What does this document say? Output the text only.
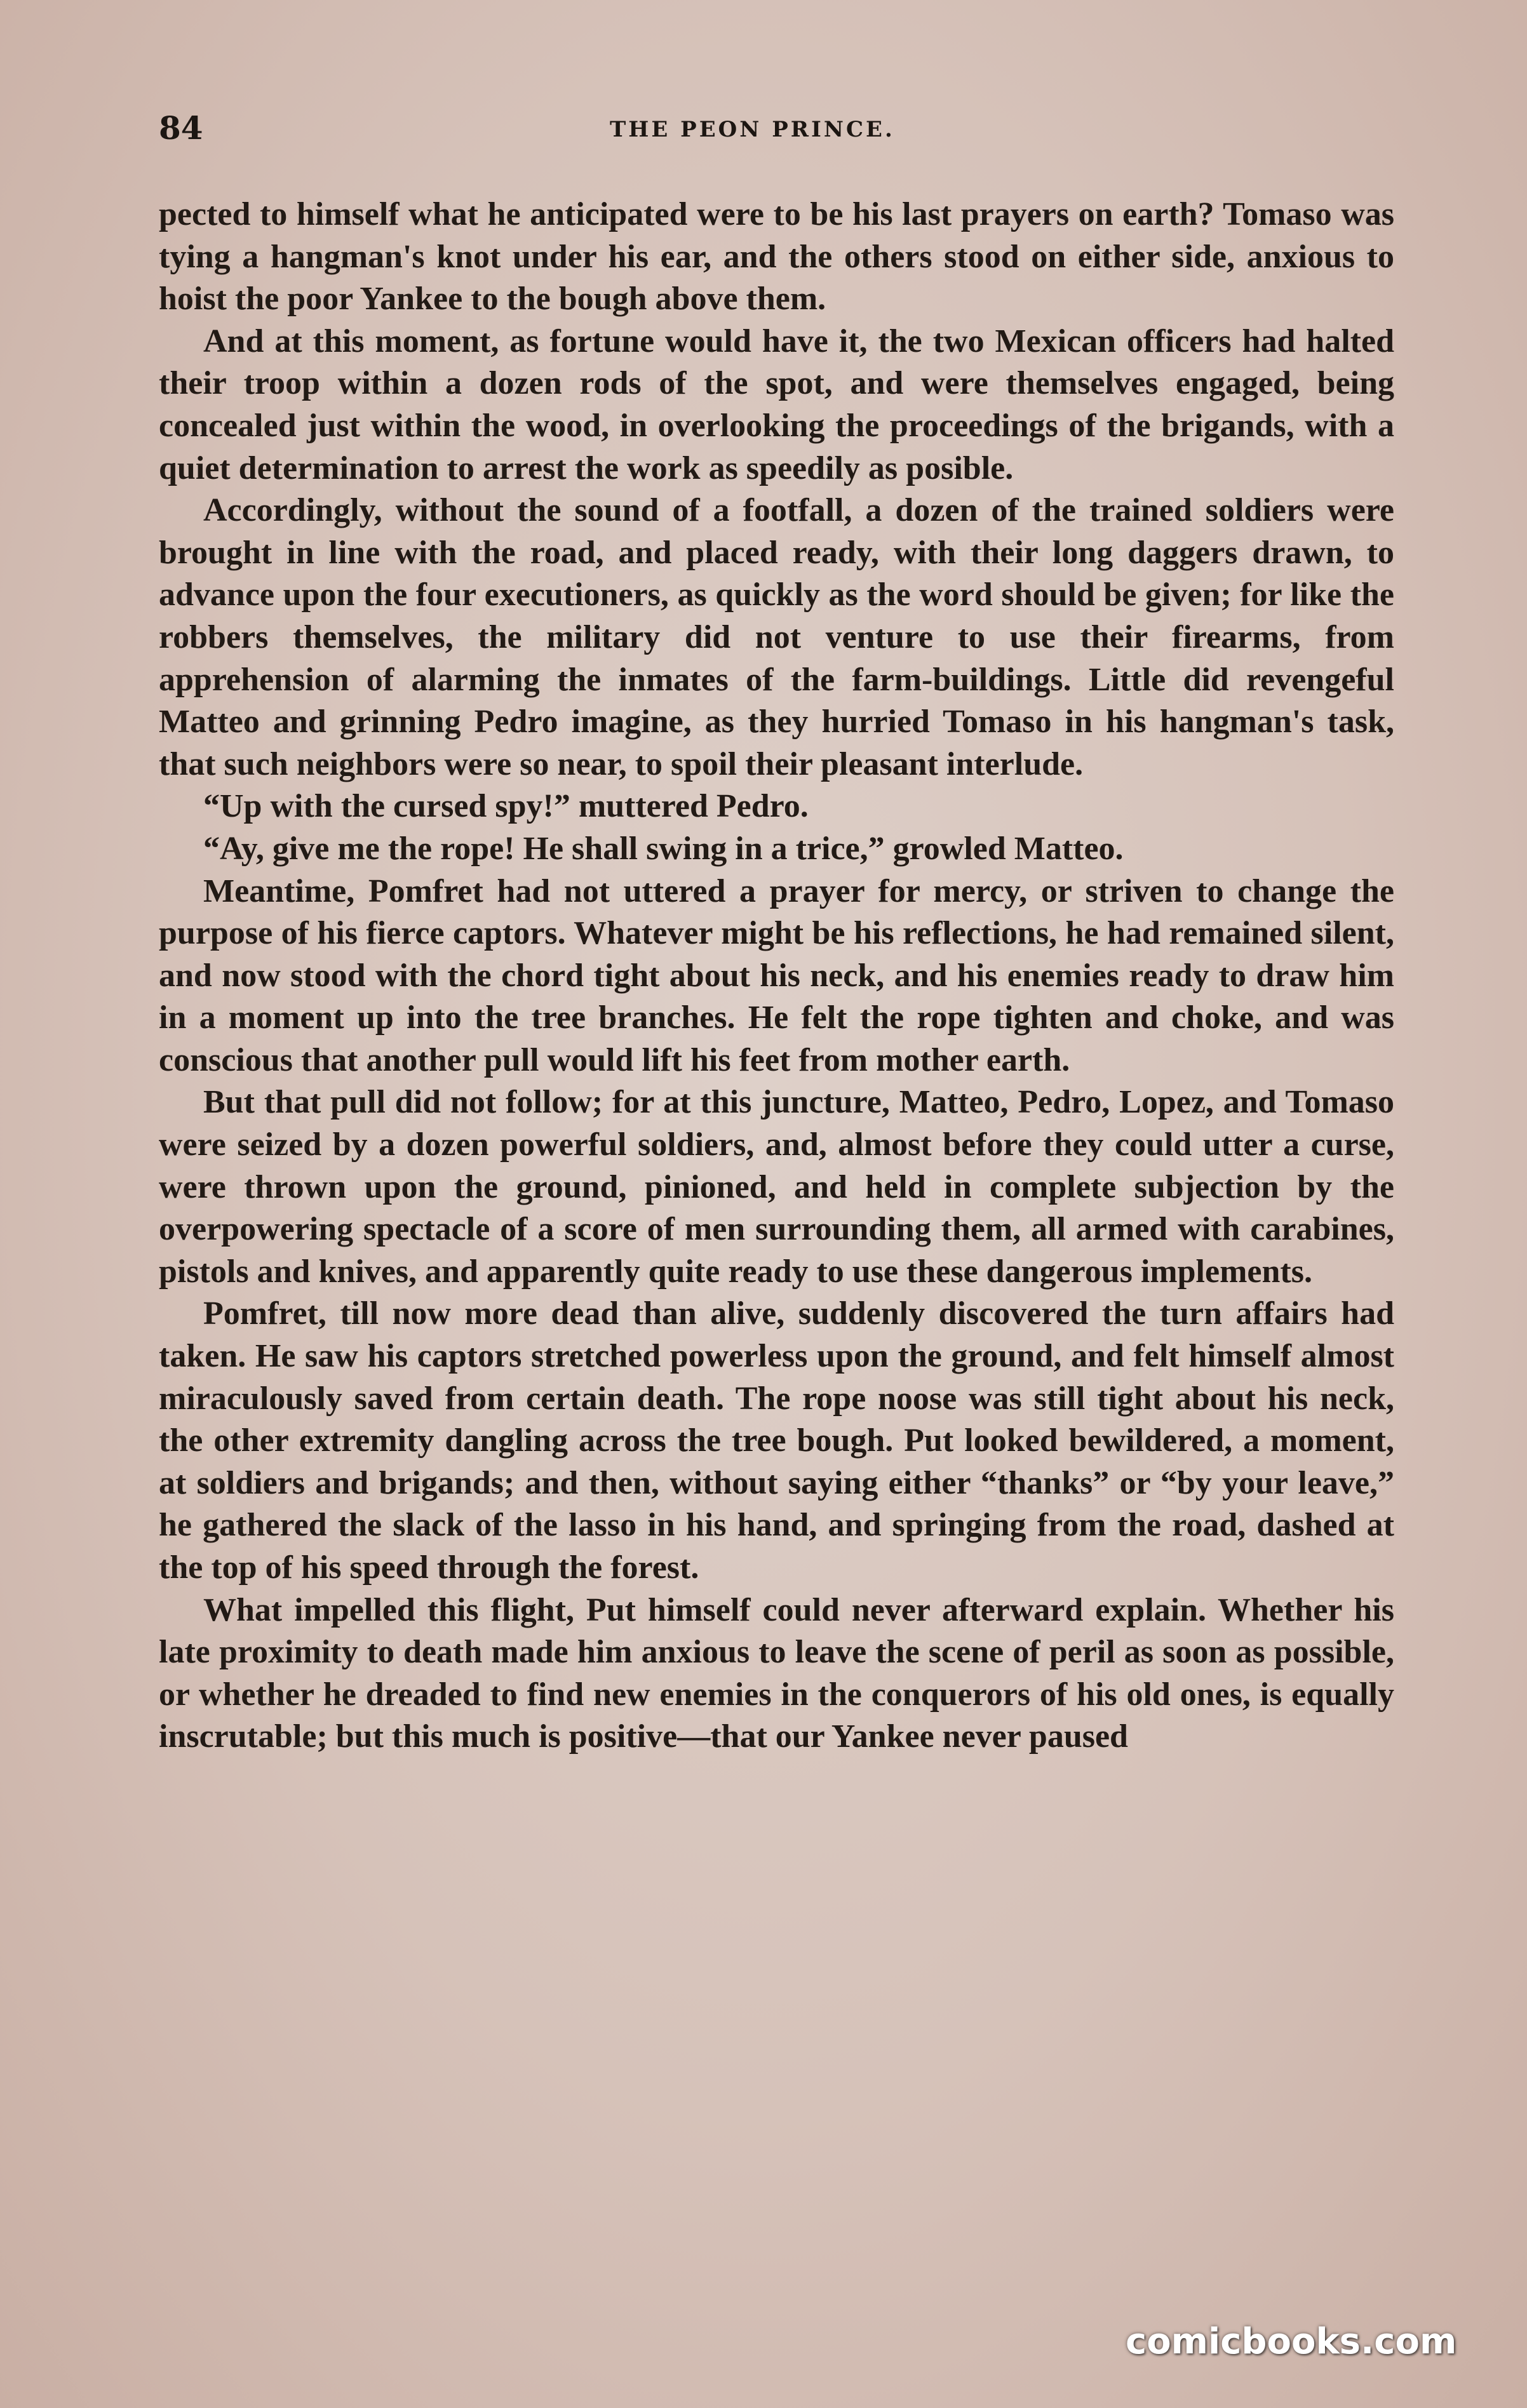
84	THE PEON PRINCE.

pected to himself what he anticipated were to be his last prayers on earth? Tomaso was tying a hangman's knot under his ear, and the others stood on either side, anxious to hoist the poor Yankee to the bough above them.

And at this moment, as fortune would have it, the two Mexican officers had halted their troop within a dozen rods of the spot, and were themselves engaged, being concealed just within the wood, in overlooking the proceedings of the brigands, with a quiet determination to arrest the work as speedily as posible.

Accordingly, without the sound of a footfall, a dozen of the trained soldiers were brought in line with the road, and placed ready, with their long daggers drawn, to advance upon the four executioners, as quickly as the word should be given; for like the robbers themselves, the military did not venture to use their firearms, from apprehension of alarming the inmates of the farm-buildings. Little did revengeful Matteo and grinning Pedro imagine, as they hurried Tomaso in his hangman's task, that such neighbors were so near, to spoil their pleasant interlude.

“Up with the cursed spy!” muttered Pedro.

“Ay, give me the rope! He shall swing in a trice,” growled Matteo.

Meantime, Pomfret had not uttered a prayer for mercy, or striven to change the purpose of his fierce captors. Whatever might be his reflections, he had remained silent, and now stood with the chord tight about his neck, and his enemies ready to draw him in a moment up into the tree branches. He felt the rope tighten and choke, and was conscious that another pull would lift his feet from mother earth.

But that pull did not follow; for at this juncture, Matteo, Pedro, Lopez, and Tomaso were seized by a dozen powerful soldiers, and, almost before they could utter a curse, were thrown upon the ground, pinioned, and held in complete subjection by the overpowering spectacle of a score of men surrounding them, all armed with carabines, pistols and knives, and apparently quite ready to use these dangerous implements.

Pomfret, till now more dead than alive, suddenly discovered the turn affairs had taken. He saw his captors stretched powerless upon the ground, and felt himself almost miraculously saved from certain death. The rope noose was still tight about his neck, the other extremity dangling across the tree bough. Put looked bewildered, a moment, at soldiers and brigands; and then, without saying either “thanks” or “by your leave,” he gathered the slack of the lasso in his hand, and springing from the road, dashed at the top of his speed through the forest.

What impelled this flight, Put himself could never afterward explain. Whether his late proximity to death made him anxious to leave the scene of peril as soon as possible, or whether he dreaded to find new enemies in the conquerors of his old ones, is equally inscrutable; but this much is positive—that our Yankee never paused

comicbooks.com
